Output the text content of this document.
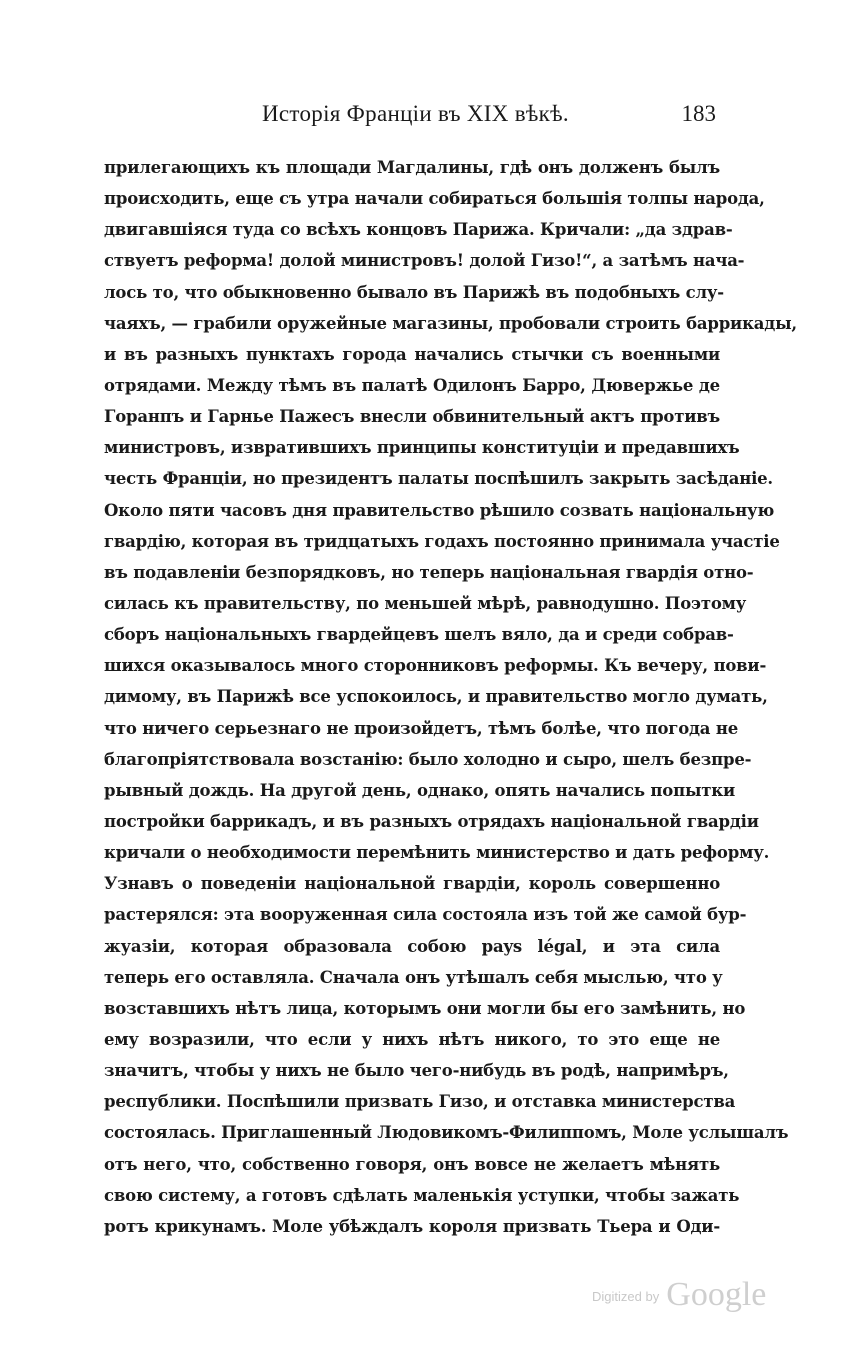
Исторія Франціи въ XIX вѣкѣ.	183
прилегающихъ къ площади Магдалины, гдѣ онъ долженъ былъ
происходить, еще съ утра начали собираться большія толпы народа,
двигавшіяся туда со всѣхъ концовъ Парижа. Кричали: „да здрав-
ствуетъ реформа! долой министровъ! долой Гизо!“, а затѣмъ нача-
лось то, что обыкновенно бывало въ Парижѣ въ подобныхъ слу-
чаяхъ, — грабили оружейные магазины, пробовали строить баррикады,
и въ разныхъ пунктахъ города начались стычки съ военными
отрядами. Между тѣмъ въ палатѣ Одилонъ Барро, Дювержье де
Горанпъ и Гарнье Пажесъ внесли обвинительный актъ противъ
министровъ, извратившихъ принципы конституціи и предавшихъ
честь Франціи, но президентъ палаты поспѣшилъ закрыть засѣданіе.
Около пяти часовъ дня правительство рѣшило созвать національную
гвардію, которая въ тридцатыхъ годахъ постоянно принимала участіе
въ подавленіи безпорядковъ, но теперь національная гвардія отно-
силась къ правительству, по меньшей мѣрѣ, равнодушно. Поэтому
сборъ національныхъ гвардейцевъ шелъ вяло, да и среди собрав-
шихся оказывалось много сторонниковъ реформы. Къ вечеру, пови-
димому, въ Парижѣ все успокоилось, и правительство могло думать,
что ничего серьезнаго не произойдетъ, тѣмъ болѣе, что погода не
благопріятствовала возстанію: было холодно и сыро, шелъ безпре-
рывный дождь. На другой день, однако, опять начались попытки
постройки баррикадъ, и въ разныхъ отрядахъ національной гвардіи
кричали о необходимости перемѣнить министерство и дать реформу.
Узнавъ о поведеніи національной гвардіи, король совершенно
растерялся: эта вооруженная сила состояла изъ той же самой бур-
жуазіи, которая образовала собою pays légal, и эта сила
теперь его оставляла. Сначала онъ утѣшалъ себя мыслью, что у
возставшихъ нѣтъ лица, которымъ они могли бы его замѣнить, но
ему возразили, что если у нихъ нѣтъ никого, то это еще не
значитъ, чтобы у нихъ не было чего-нибудь въ родѣ, напримѣръ,
республики. Поспѣшили призвать Гизо, и отставка министерства
состоялась. Приглашенный Людовикомъ-Филиппомъ, Моле услышалъ
отъ него, что, собственно говоря, онъ вовсе не желаетъ мѣнять
свою систему, а готовъ сдѣлать маленькія уступки, чтобы зажать
ротъ крикунамъ. Моле убѣждалъ короля призвать Тьера и Оди-
$^{Digitized by}$ Google
